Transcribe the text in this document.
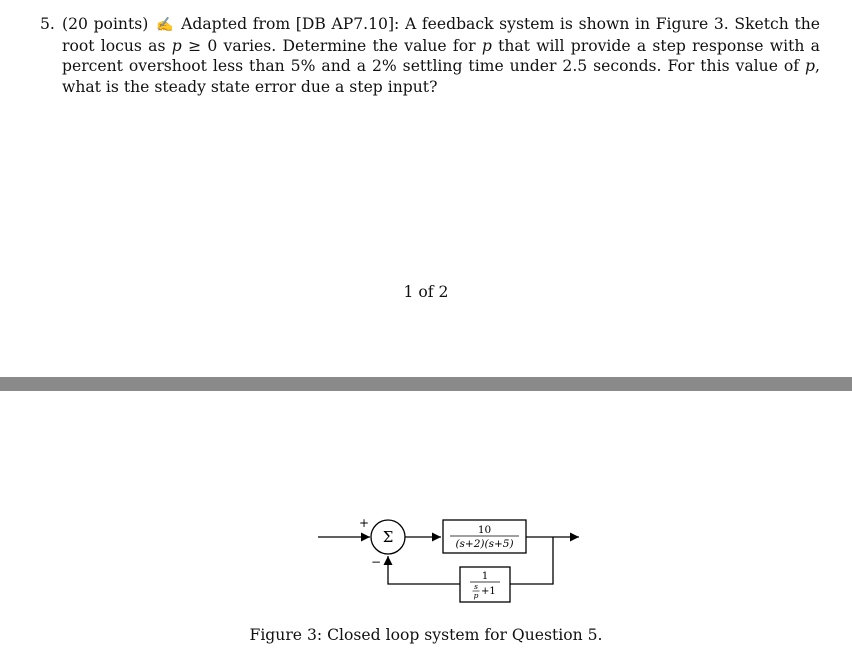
5. (20 points) ✍ Adapted from [DB AP7.10]: A feedback system is shown in Figure 3. Sketch the root locus as p ≥ 0 varies. Determine the value for p that will provide a step response with a percent overshoot less than 5% and a 2% settling time under 2.5 seconds. For this value of p, what is the steady state error due a step input?
1 of 2
Σ
+
−
10
(s+2)(s+5)
1
s
p +1
Figure 3: Closed loop system for Question 5.
